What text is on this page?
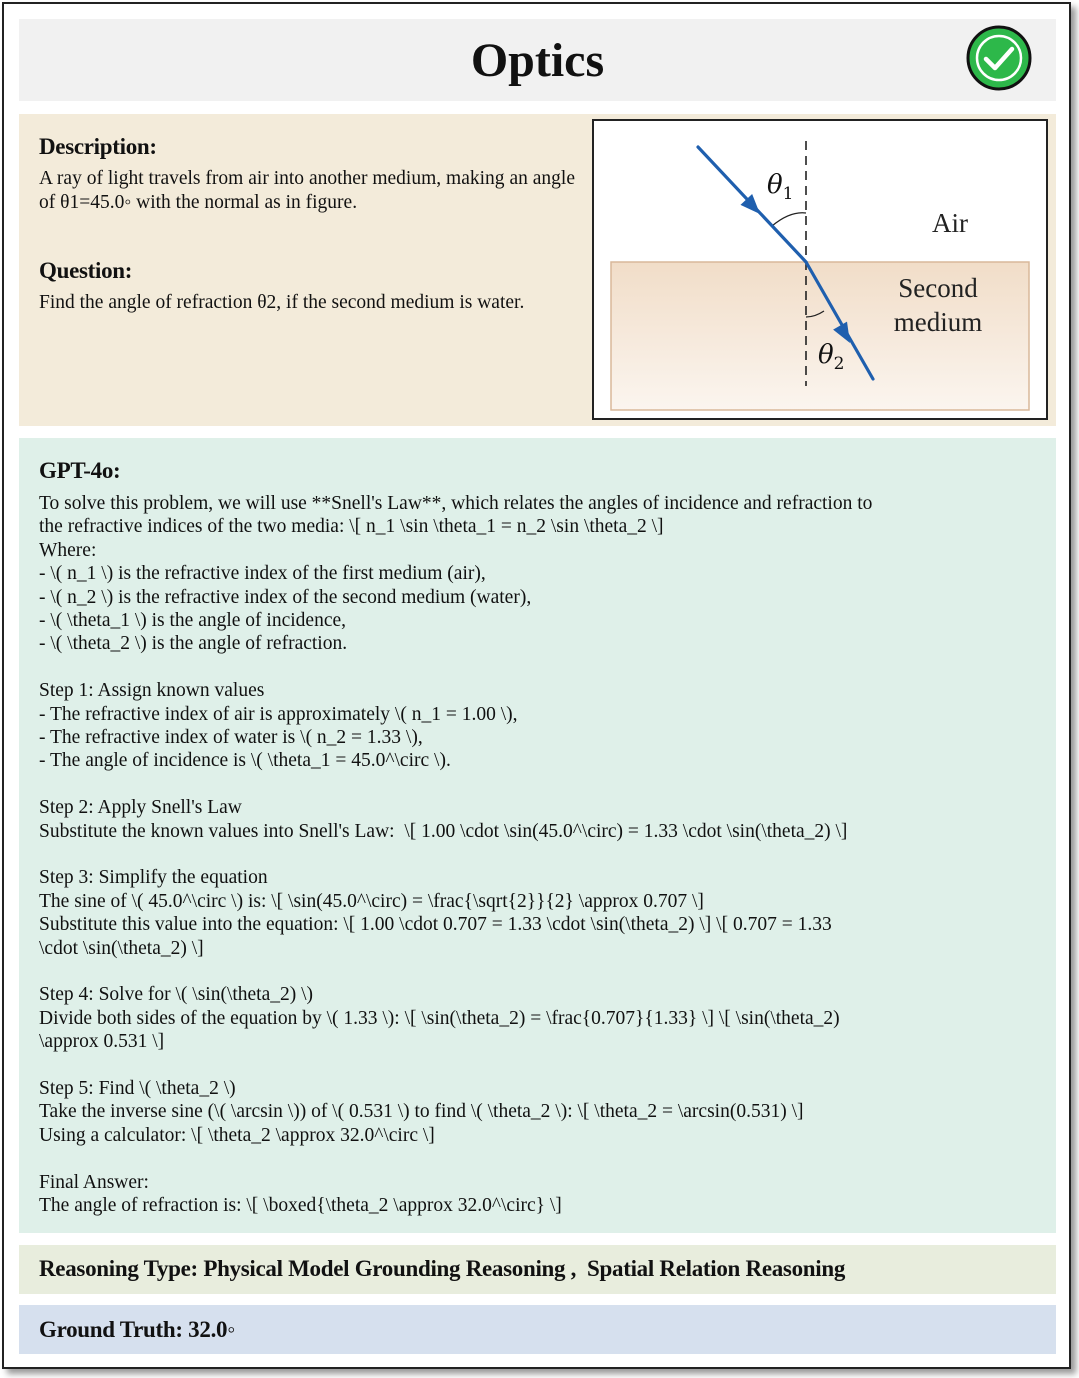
Optics
Description:
A ray of light travels from air into another medium, making an angle of θ1=45.0◦ with the normal as in figure.
Question:
Find the angle of refraction θ2, if the second medium is water.
$\theta_1$
$\theta_2$
Air
Second
medium
GPT-4o:
To solve this problem, we will use **Snell's Law**, which relates the angles of incidence and refraction to
the refractive indices of the two media: \[ n_1 \sin \theta_1 = n_2 \sin \theta_2 \]
Where:
- \( n_1 \) is the refractive index of the first medium (air),
- \( n_2 \) is the refractive index of the second medium (water),
- \( \theta_1 \) is the angle of incidence,
- \( \theta_2 \) is the angle of refraction.
Step 1: Assign known values
- The refractive index of air is approximately \( n_1 = 1.00 \),
- The refractive index of water is \( n_2 = 1.33 \),
- The angle of incidence is \( \theta_1 = 45.0^\circ \).
Step 2: Apply Snell's Law
Substitute the known values into Snell's Law:  \[ 1.00 \cdot \sin(45.0^\circ) = 1.33 \cdot \sin(\theta_2) \]
Step 3: Simplify the equation
The sine of \( 45.0^\circ \) is: \[ \sin(45.0^\circ) = \frac{\sqrt{2}}{2} \approx 0.707 \]
Substitute this value into the equation: \[ 1.00 \cdot 0.707 = 1.33 \cdot \sin(\theta_2) \] \[ 0.707 = 1.33
\cdot \sin(\theta_2) \]
Step 4: Solve for \( \sin(\theta_2) \)
Divide both sides of the equation by \( 1.33 \): \[ \sin(\theta_2) = \frac{0.707}{1.33} \] \[ \sin(\theta_2)
\approx 0.531 \]
Step 5: Find \( \theta_2 \)
Take the inverse sine (\( \arcsin \)) of \( 0.531 \) to find \( \theta_2 \): \[ \theta_2 = \arcsin(0.531) \]
Using a calculator: \[ \theta_2 \approx 32.0^\circ \]
Final Answer:
The angle of refraction is: \[ \boxed{\theta_2 \approx 32.0^\circ} \]
Reasoning Type: Physical Model Grounding Reasoning ,  Spatial Relation Reasoning
Ground Truth: 32.0◦
